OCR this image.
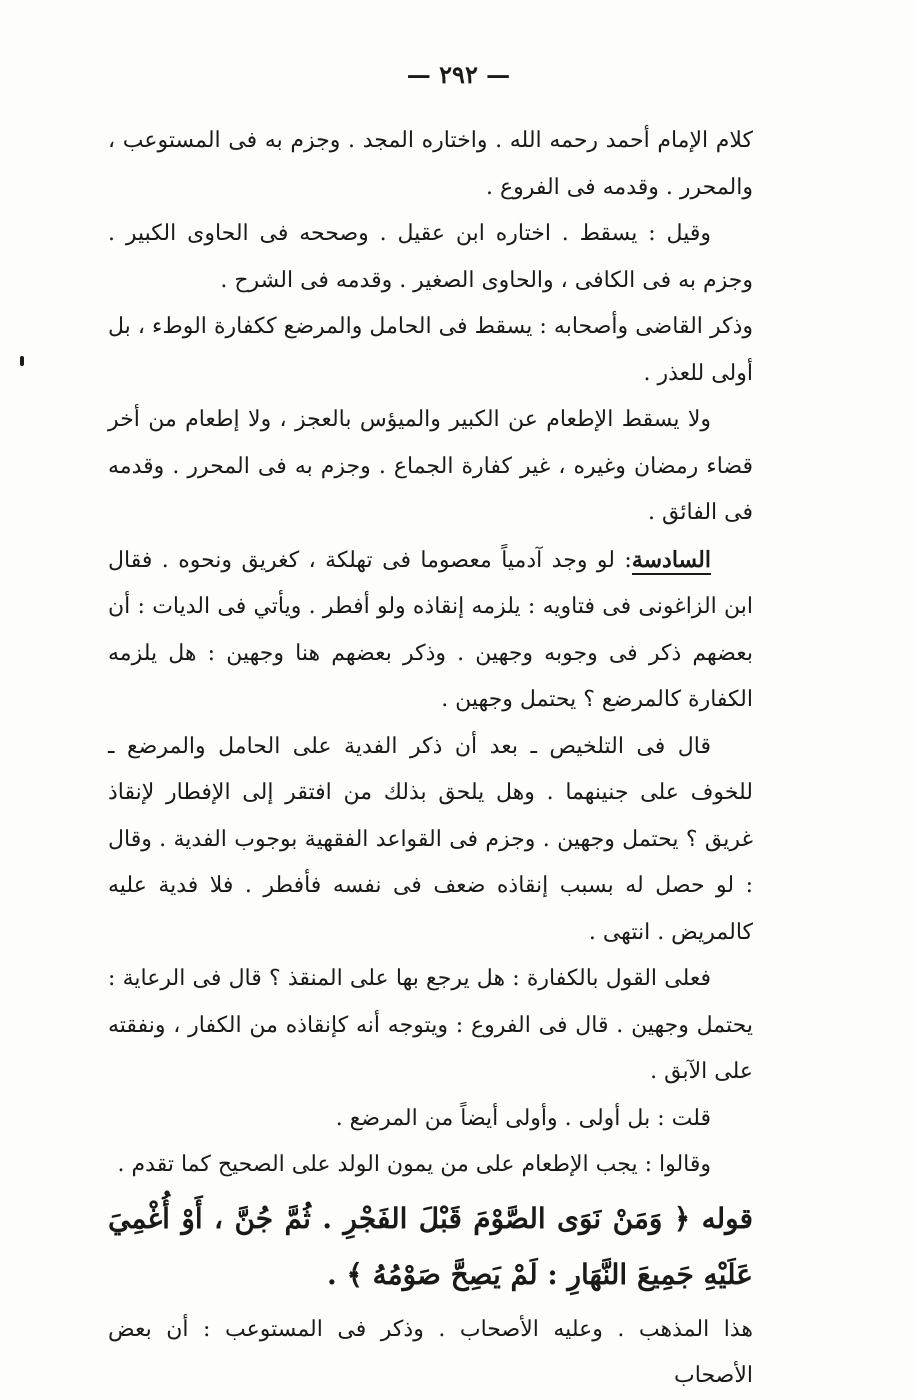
— ٢٩٢ —

كلام الإمام أحمد رحمه الله . واختاره المجد . وجزم به فى المستوعب ، والمحرر . وقدمه فى الفروع .

وقيل : يسقط . اختاره ابن عقيل . وصححه فى الحاوى الكبير . وجزم به فى الكافى ، والحاوى الصغير . وقدمه فى الشرح .

وذكر القاضى وأصحابه : يسقط فى الحامل والمرضع ككفارة الوطء ، بل أولى للعذر .

ولا يسقط الإطعام عن الكبير والميؤس بالعجز ، ولا إطعام من أخر قضاء رمضان وغيره ، غير كفارة الجماع . وجزم به فى المحرر . وقدمه فى الفائق .

السادسة: لو وجد آدمياً معصوما فى تهلكة ، كغريق ونحوه . فقال ابن الزاغونى فى فتاويه : يلزمه إنقاذه ولو أفطر . ويأتي فى الديات : أن بعضهم ذكر فى وجوبه وجهين . وذكر بعضهم هنا وجهين : هل يلزمه الكفارة كالمرضع ؟ يحتمل وجهين .

قال فى التلخيص ـ بعد أن ذكر الفدية على الحامل والمرضع ـ للخوف على جنينهما . وهل يلحق بذلك من افتقر إلى الإفطار لإنقاذ غريق ؟ يحتمل وجهين . وجزم فى القواعد الفقهية بوجوب الفدية . وقال : لو حصل له بسبب إنقاذه ضعف فى نفسه فأفطر . فلا فدية عليه كالمريض . انتهى .

فعلى القول بالكفارة : هل يرجع بها على المنقذ ؟ قال فى الرعاية : يحتمل وجهين . قال فى الفروع : ويتوجه أنه كإنقاذه من الكفار ، ونفقته على الآبق .

قلت : بل أولى . وأولى أيضاً من المرضع .

وقالوا : يجب الإطعام على من يمون الولد على الصحيح كما تقدم .

قوله ﴿ وَمَنْ نَوَى الصَّوْمَ قَبْلَ الفَجْرِ . ثُمَّ جُنَّ ، أَوْ أُغْمِيَ عَلَيْهِ جَمِيعَ النَّهَارِ : لَمْ يَصِحَّ صَوْمُهُ ﴾ .

هذا المذهب . وعليه الأصحاب . وذكر فى المستوعب : أن بعض الأصحاب
